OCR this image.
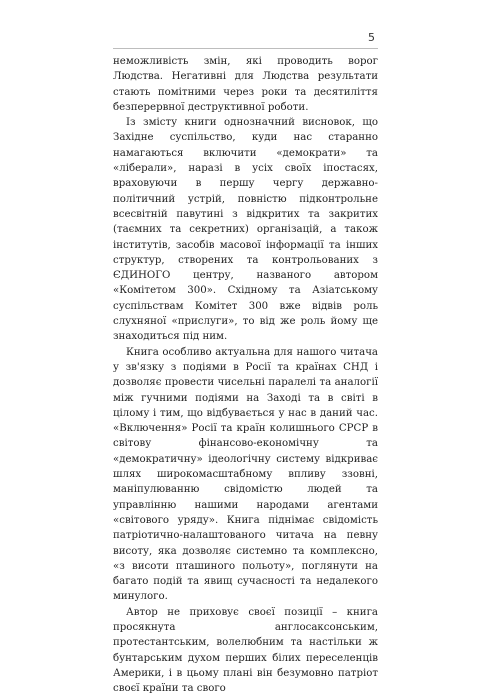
5

неможливість змін, які проводить ворог Людства. Негативні для Людства результати стають помітними через роки та десятиліття безперервної деструктивної роботи.

Із змісту книги однозначний висновок, що Західне суспільство, куди нас старанно намагаються включити «демократи» та «ліберали», наразі в усіх своїх іпостасях, враховуючи в першу чергу державно-політичний устрій, повністю підконтрольне всесвітній павутині з відкритих та закритих (таємних та секретних) організацій, а також інститутів, засобів масової інформації та інших структур, створених та контрольованих з ЄДИНОГО центру, названого автором «Комітетом 300». Східному та Азіатському суспільствам Комітет 300 вже відвів роль слухняної «прислуги», то від же роль йому ще знаходиться під ним.

Книга особливо актуальна для нашого читача у зв'язку з подіями в Росії та країнах СНД і дозволяє провести чисельні паралелі та аналогії між гучними подіями на Заході та в світі в цілому і тим, що відбувається у нас в даний час. «Включення» Росії та країн колишнього СРСР в світову фінансово-економічну та «демократичну» ідеологічну систему відкриває шлях широкомасштабному впливу ззовні, маніпулюванню свідомістю людей та управлінню нашими народами агентами «світового уряду». Книга піднімає свідомість патріотично-налаштованого читача на певну висоту, яка дозволяє системно та комплексно, «з висоти пташиного польоту», поглянути на багато подій та явищ сучасності та недалекого минулого.

Автор не приховує своєї позиції – книга просякнута англосаксонським, протестантським, волелюбним та настільки ж бунтарським духом перших білих переселенців Америки, і в цьому плані він безумовно патріот своєї країни та свого
